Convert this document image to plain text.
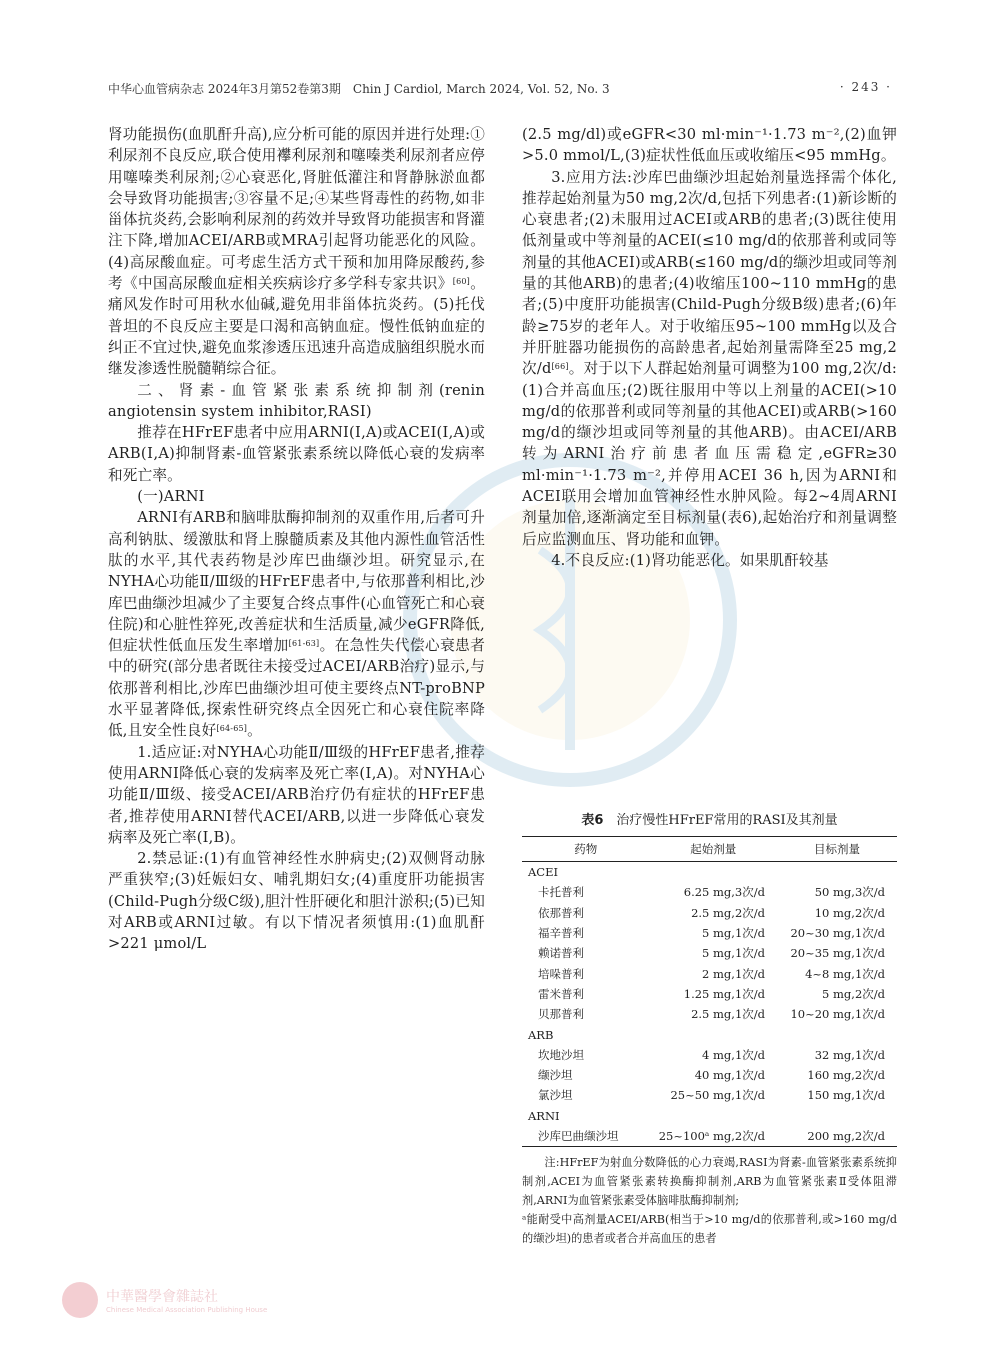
中华心血管病杂志 2024年3月第52卷第3期　Chin J Cardiol, March 2024, Vol. 52, No. 3	· 243 ·

肾功能损伤(血肌酐升高),应分析可能的原因并进行处理:①利尿剂不良反应,联合使用襻利尿剂和噻嗪类利尿剂者应停用噻嗪类利尿剂;②心衰恶化,肾脏低灌注和肾静脉淤血都会导致肾功能损害;③容量不足;④某些肾毒性的药物,如非甾体抗炎药,会影响利尿剂的药效并导致肾功能损害和肾灌注下降,增加ACEI/ARB或MRA引起肾功能恶化的风险。(4)高尿酸血症。可考虑生活方式干预和加用降尿酸药,参考《中国高尿酸血症相关疾病诊疗多学科专家共识》[60]。痛风发作时可用秋水仙碱,避免用非甾体抗炎药。(5)托伐普坦的不良反应主要是口渴和高钠血症。慢性低钠血症的纠正不宜过快,避免血浆渗透压迅速升高造成脑组织脱水而继发渗透性脱髓鞘综合征。

二、肾素-血管紧张素系统抑制剂(renin angiotensin system inhibitor,RASI)

推荐在HFrEF患者中应用ARNI(Ⅰ,A)或ACEI(Ⅰ,A)或ARB(Ⅰ,A)抑制肾素-血管紧张素系统以降低心衰的发病率和死亡率。

(一)ARNI

ARNI有ARB和脑啡肽酶抑制剂的双重作用,后者可升高利钠肽、缓激肽和肾上腺髓质素及其他内源性血管活性肽的水平,其代表药物是沙库巴曲缬沙坦。研究显示,在NYHA心功能Ⅱ/Ⅲ级的HFrEF患者中,与依那普利相比,沙库巴曲缬沙坦减少了主要复合终点事件(心血管死亡和心衰住院)和心脏性猝死,改善症状和生活质量,减少eGFR降低,但症状性低血压发生率增加[61-63]。在急性失代偿心衰患者中的研究(部分患者既往未接受过ACEI/ARB治疗)显示,与依那普利相比,沙库巴曲缬沙坦可使主要终点NT-proBNP水平显著降低,探索性研究终点全因死亡和心衰住院率降低,且安全性良好[64-65]。

1.适应证:对NYHA心功能Ⅱ/Ⅲ级的HFrEF患者,推荐使用ARNI降低心衰的发病率及死亡率(Ⅰ,A)。对NYHA心功能Ⅱ/Ⅲ级、接受ACEI/ARB治疗仍有症状的HFrEF患者,推荐使用ARNI替代ACEI/ARB,以进一步降低心衰发病率及死亡率(Ⅰ,B)。

2.禁忌证:(1)有血管神经性水肿病史;(2)双侧肾动脉严重狭窄;(3)妊娠妇女、哺乳期妇女;(4)重度肝功能损害(Child-Pugh分级C级),胆汁性肝硬化和胆汁淤积;(5)已知对ARB或ARNI过敏。有以下情况者须慎用:(1)血肌酐>221 μmol/L

(2.5 mg/dl)或eGFR<30 ml·min⁻¹·1.73 m⁻²,(2)血钾>5.0 mmol/L,(3)症状性低血压或收缩压<95 mmHg。

3.应用方法:沙库巴曲缬沙坦起始剂量选择需个体化,推荐起始剂量为50 mg,2次/d,包括下列患者:(1)新诊断的心衰患者;(2)未服用过ACEI或ARB的患者;(3)既往使用低剂量或中等剂量的ACEI(≤10 mg/d的依那普利或同等剂量的其他ACEI)或ARB(≤160 mg/d的缬沙坦或同等剂量的其他ARB)的患者;(4)收缩压100~110 mmHg的患者;(5)中度肝功能损害(Child-Pugh分级B级)患者;(6)年龄≥75岁的老年人。对于收缩压95~100 mmHg以及合并肝脏器功能损伤的高龄患者,起始剂量需降至25 mg,2次/d[66]。对于以下人群起始剂量可调整为100 mg,2次/d:(1)合并高血压;(2)既往服用中等以上剂量的ACEI(>10 mg/d的依那普利或同等剂量的其他ACEI)或ARB(>160 mg/d的缬沙坦或同等剂量的其他ARB)。由ACEI/ARB转为ARNI治疗前患者血压需稳定,eGFR≥30 ml·min⁻¹·1.73 m⁻²,并停用ACEI 36 h,因为ARNI和ACEI联用会增加血管神经性水肿风险。每2~4周ARNI剂量加倍,逐渐滴定至目标剂量(表6),起始治疗和剂量调整后应监测血压、肾功能和血钾。

4.不良反应:(1)肾功能恶化。如果肌酐较基

表6　 治疗慢性HFrEF常用的RASI及其剂量
药物	起始剂量	目标剂量
ACEI		
卡托普利	6.25 mg,3次/d	50 mg,3次/d
依那普利	2.5 mg,2次/d	10 mg,2次/d
福辛普利	5 mg,1次/d	20~30 mg,1次/d
赖诺普利	5 mg,1次/d	20~35 mg,1次/d
培哚普利	2 mg,1次/d	4~8 mg,1次/d
雷米普利	1.25 mg,1次/d	5 mg,2次/d
贝那普利	2.5 mg,1次/d	10~20 mg,1次/d
ARB		
坎地沙坦	4 mg,1次/d	32 mg,1次/d
缬沙坦	40 mg,1次/d	160 mg,2次/d
氯沙坦	25~50 mg,1次/d	150 mg,1次/d
ARNI		
沙库巴曲缬沙坦	25~100ᵃ mg,2次/d	200 mg,2次/d

注:HFrEF为射血分数降低的心力衰竭,RASI为肾素-血管紧张素系统抑制剂,ACEI为血管紧张素转换酶抑制剂,ARB为血管紧张素Ⅱ受体阻滞剂,ARNI为血管紧张素受体脑啡肽酶抑制剂;

ᵃ能耐受中高剂量ACEI/ARB(相当于>10 mg/d的依那普利,或>160 mg/d的缬沙坦)的患者或者合并高血压的患者

中華醫學會雜誌社
Chinese Medical Association Publishing House
